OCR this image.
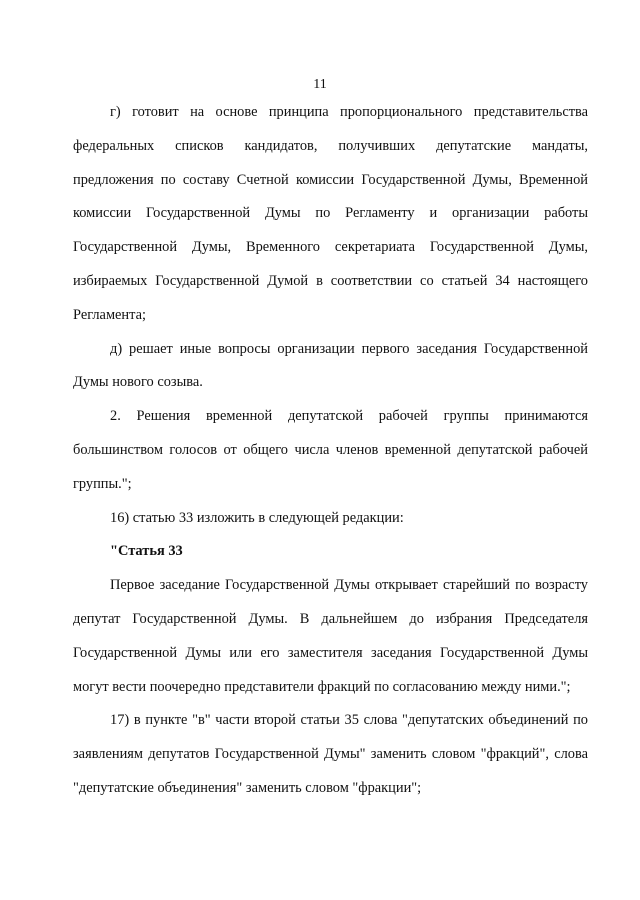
11
г) готовит на основе принципа пропорционального представительства
федеральных списков кандидатов, получивших депутатские мандаты,
предложения по составу Счетной комиссии Государственной Думы, Временной
комиссии Государственной Думы по Регламенту и организации работы
Государственной Думы, Временного секретариата Государственной Думы,
избираемых Государственной Думой в соответствии со статьей 34 настоящего
Регламента;
д) решает иные вопросы организации первого заседания Государственной
Думы нового созыва.
2. Решения временной депутатской рабочей группы принимаются
большинством голосов от общего числа членов временной депутатской рабочей
группы.";
16) статью 33 изложить в следующей редакции:
"Статья 33
Первое заседание Государственной Думы открывает старейший по возрасту
депутат Государственной Думы. В дальнейшем до избрания Председателя
Государственной Думы или его заместителя заседания Государственной Думы
могут вести поочередно представители фракций по согласованию между ними.";
17) в пункте "в" части второй статьи 35 слова "депутатских объединений по
заявлениям депутатов Государственной Думы" заменить словом "фракций", слова
"депутатские объединения" заменить словом "фракции";
